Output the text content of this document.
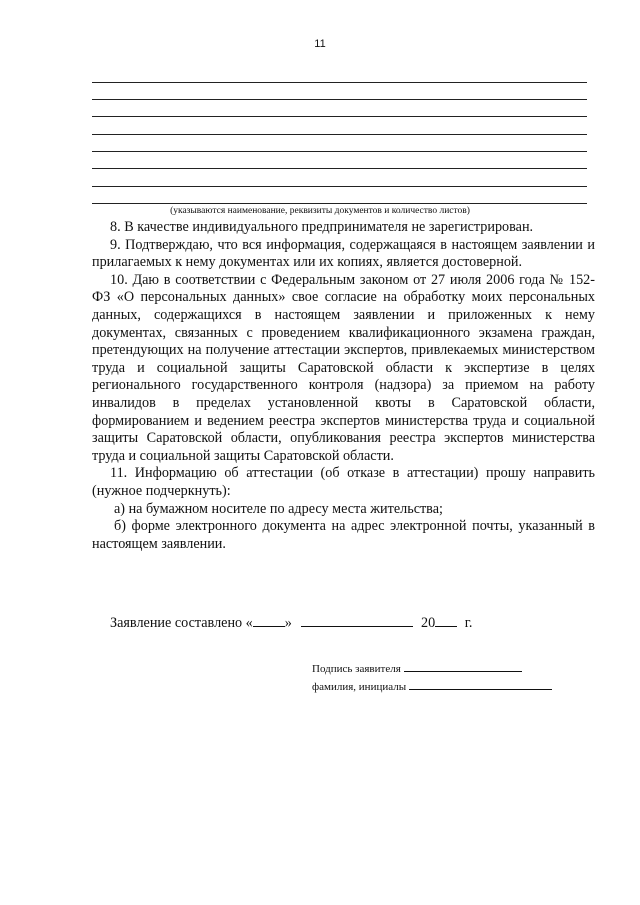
11
(указываются наименование, реквизиты документов и количество листов)

8. В качестве индивидуального предпринимателя не зарегистрирован.

9. Подтверждаю, что вся информация, содержащаяся в настоящем заявлении и прилагаемых к нему документах или их копиях, является достоверной.

10. Даю в соответствии с Федеральным законом от 27 июля 2006 года № 152-ФЗ «О персональных данных» свое согласие на обработку моих персональных данных, содержащихся в настоящем заявлении и приложенных к нему документах, связанных с проведением квалификационного экзамена граждан, претендующих на получение аттестации экспертов, привлекаемых министерством труда и социальной защиты Саратовской области к экспертизе в целях регионального государственного контроля (надзора) за приемом на работу инвалидов в пределах установленной квоты в Саратовской области, формированием и ведением реестра экспертов министерства труда и социальной защиты Саратовской области, опубликования реестра экспертов министерства труда и социальной защиты Саратовской области.

11. Информацию об аттестации (об отказе в аттестации) прошу направить (нужное подчеркнуть):

а) на бумажном носителе по адресу места жительства;

б) форме электронного документа на адрес электронной почты, указанный в настоящем заявлении.

Заявление составлено « »	20 г.
Подпись заявителя
фамилия, инициалы
